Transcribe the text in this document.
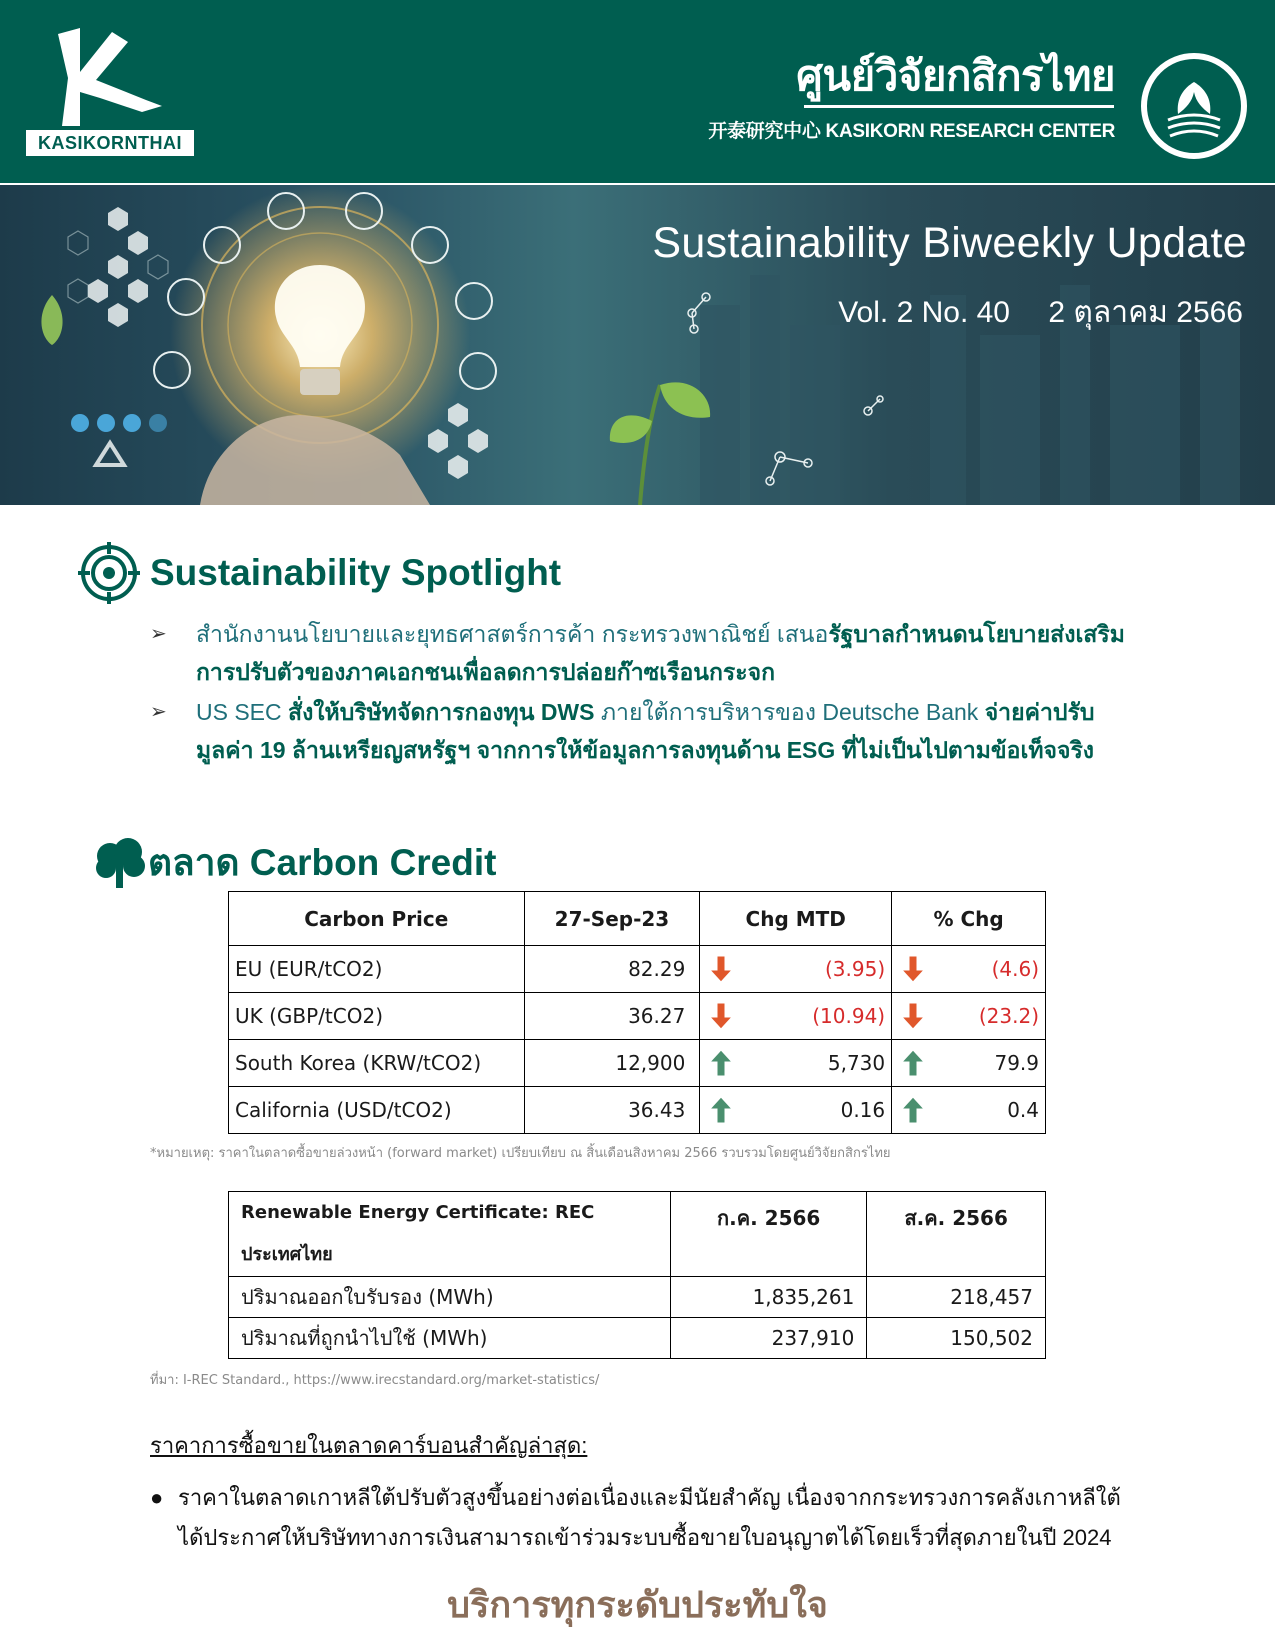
KASIKORNTHAI
ศูนย์วิจัยกสิกรไทย
开泰研究中心 KASIKORN RESEARCH CENTER
Sustainability Biweekly Update
Vol. 2 No. 40 2 ตุลาคม 2566
Sustainability Spotlight
➢	สำนักงานนโยบายและยุทธศาสตร์การค้า กระทรวงพาณิชย์ เสนอรัฐบาลกำหนดนโยบายส่งเสริมการปรับตัวของภาคเอกชนเพื่อลดการปล่อยก๊าซเรือนกระจก
➢	US SEC สั่งให้บริษัทจัดการกองทุน DWS ภายใต้การบริหารของ Deutsche Bank จ่ายค่าปรับมูลค่า 19 ล้านเหรียญสหรัฐฯ จากการให้ข้อมูลการลงทุนด้าน ESG ที่ไม่เป็นไปตามข้อเท็จจริง
ตลาด Carbon Credit
Carbon Price	27-Sep-23	Chg MTD	% Chg
EU (EUR/tCO2)	82.29	(3.95)	(4.6)

UK (GBP/tCO2)	36.27	(10.94)	(23.2)

South Korea (KRW/tCO2)	12,900	5,730	79.9

California (USD/tCO2)	36.43	0.16	0.4
*หมายเหตุ: ราคาในตลาดซื้อขายล่วงหน้า (forward market) เปรียบเทียบ ณ สิ้นเดือนสิงหาคม 2566 รวบรวมโดยศูนย์วิจัยกสิกรไทย
Renewable Energy Certificate: REC
ประเทศไทย	ก.ค. 2566	ส.ค. 2566
ปริมาณออกใบรับรอง (MWh)	1,835,261	218,457
ปริมาณที่ถูกนำไปใช้ (MWh)	237,910	150,502
ที่มา: I-REC Standard., https://www.irecstandard.org/market-statistics/
ราคาการซื้อขายในตลาดคาร์บอนสำคัญล่าสุด:
● ราคาในตลาดเกาหลีใต้ปรับตัวสูงขึ้นอย่างต่อเนื่องและมีนัยสำคัญ เนื่องจากกระทรวงการคลังเกาหลีใต้ได้ประกาศให้บริษัททางการเงินสามารถเข้าร่วมระบบซื้อขายใบอนุญาตได้โดยเร็วที่สุดภายในปี 2024
บริการทุกระดับประทับใจ
